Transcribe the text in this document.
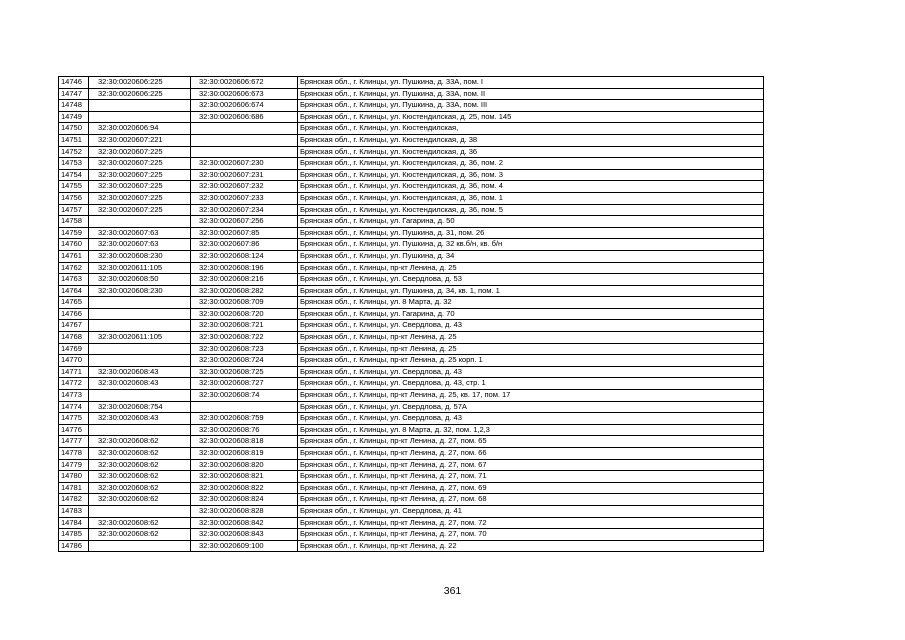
14746	32:30:0020606:225	32:30:0020606:672	Брянская обл., г. Клинцы, ул. Пушкина, д. 33А, пом. I
14747	32:30:0020606:225	32:30:0020606:673	Брянская обл., г. Клинцы, ул. Пушкина, д. 33А, пом. II
14748		32:30:0020606:674	Брянская обл., г. Клинцы, ул. Пушкина, д. 33А, пом. III
14749		32:30:0020606:686	Брянская обл., г. Клинцы, ул. Кюстендилская, д. 25, пом. 145
14750	32:30:0020606:94		Брянская обл., г. Клинцы, ул. Кюстендилская,
14751	32:30:0020607:221		Брянская обл., г. Клинцы, ул. Кюстендилская, д. 38
14752	32:30:0020607:225		Брянская обл., г. Клинцы, ул. Кюстендилская, д. 36
14753	32:30:0020607:225	32:30:0020607:230	Брянская обл., г. Клинцы, ул. Кюстендилская, д. 36, пом. 2
14754	32:30:0020607:225	32:30:0020607:231	Брянская обл., г. Клинцы, ул. Кюстендилская, д. 36, пом. 3
14755	32:30:0020607:225	32:30:0020607:232	Брянская обл., г. Клинцы, ул. Кюстендилская, д. 36, пом. 4
14756	32:30:0020607:225	32:30:0020607:233	Брянская обл., г. Клинцы, ул. Кюстендилская, д. 36, пом. 1
14757	32:30:0020607:225	32:30:0020607:234	Брянская обл., г. Клинцы, ул. Кюстендилская, д. 36, пом. 5
14758		32:30:0020607:256	Брянская обл., г. Клинцы, ул. Гагарина, д. 50
14759	32:30:0020607:63	32:30:0020607:85	Брянская обл., г. Клинцы, ул. Пушкина, д. 31, пом. 26
14760	32:30:0020607:63	32:30:0020607:86	Брянская обл., г. Клинцы, ул. Пушкина, д. 32 кв.б/н, кв. б/н
14761	32:30:0020608:230	32:30:0020608:124	Брянская обл., г. Клинцы, ул. Пушкина, д. 34
14762	32:30:0020611:105	32:30:0020608:196	Брянская обл., г. Клинцы, пр-кт Ленина, д. 25
14763	32:30:0020608:50	32:30:0020608:216	Брянская обл., г. Клинцы, ул. Свердлова, д. 53
14764	32:30:0020608:230	32:30:0020608:282	Брянская обл., г. Клинцы, ул. Пушкина, д. 34, кв. 1, пом. 1
14765		32:30:0020608:709	Брянская обл., г. Клинцы, ул. 8 Марта, д. 32
14766		32:30:0020608:720	Брянская обл., г. Клинцы, ул. Гагарина, д. 70
14767		32:30:0020608:721	Брянская обл., г. Клинцы, ул. Свердлова, д. 43
14768	32:30:0020611:105	32:30:0020608:722	Брянская обл., г. Клинцы, пр-кт Ленина, д. 25
14769		32:30:0020608:723	Брянская обл., г. Клинцы, пр-кт Ленина, д. 25
14770		32:30:0020608:724	Брянская обл., г. Клинцы, пр-кт Ленина, д. 25 корп. 1
14771	32:30:0020608:43	32:30:0020608:725	Брянская обл., г. Клинцы, ул. Свердлова, д. 43
14772	32:30:0020608:43	32:30:0020608:727	Брянская обл., г. Клинцы, ул. Свердлова, д. 43, стр. 1
14773		32:30:0020608:74	Брянская обл., г. Клинцы, пр-кт Ленина, д. 25, кв. 17, пом. 17
14774	32:30:0020608:754		Брянская обл., г. Клинцы, ул. Свердлова, д. 57А
14775	32:30:0020608:43	32:30:0020608:759	Брянская обл., г. Клинцы, ул. Свердлова, д. 43
14776		32:30:0020608:76	Брянская обл., г. Клинцы, ул. 8 Марта, д. 32, пом. 1,2,3
14777	32:30:0020608:62	32:30:0020608:818	Брянская обл., г. Клинцы, пр-кт Ленина, д. 27, пом. 65
14778	32:30:0020608:62	32:30:0020608:819	Брянская обл., г. Клинцы, пр-кт Ленина, д. 27, пом. 66
14779	32:30:0020608:62	32:30:0020608:820	Брянская обл., г. Клинцы, пр-кт Ленина, д. 27, пом. 67
14780	32:30:0020608:62	32:30:0020608:821	Брянская обл., г. Клинцы, пр-кт Ленина, д. 27, пом. 71
14781	32:30:0020608:62	32:30:0020608:822	Брянская обл., г. Клинцы, пр-кт Ленина, д. 27, пом. 69
14782	32:30:0020608:62	32:30:0020608:824	Брянская обл., г. Клинцы, пр-кт Ленина, д. 27, пом. 68
14783		32:30:0020608:828	Брянская обл., г. Клинцы, ул. Свердлова, д. 41
14784	32:30:0020608:62	32:30:0020608:842	Брянская обл., г. Клинцы, пр-кт Ленина, д. 27, пом. 72
14785	32:30:0020608:62	32:30:0020608:843	Брянская обл., г. Клинцы, пр-кт Ленина, д. 27, пом. 70
14786		32:30:0020609:100	Брянская обл., г. Клинцы, пр-кт Ленина, д. 22
361
